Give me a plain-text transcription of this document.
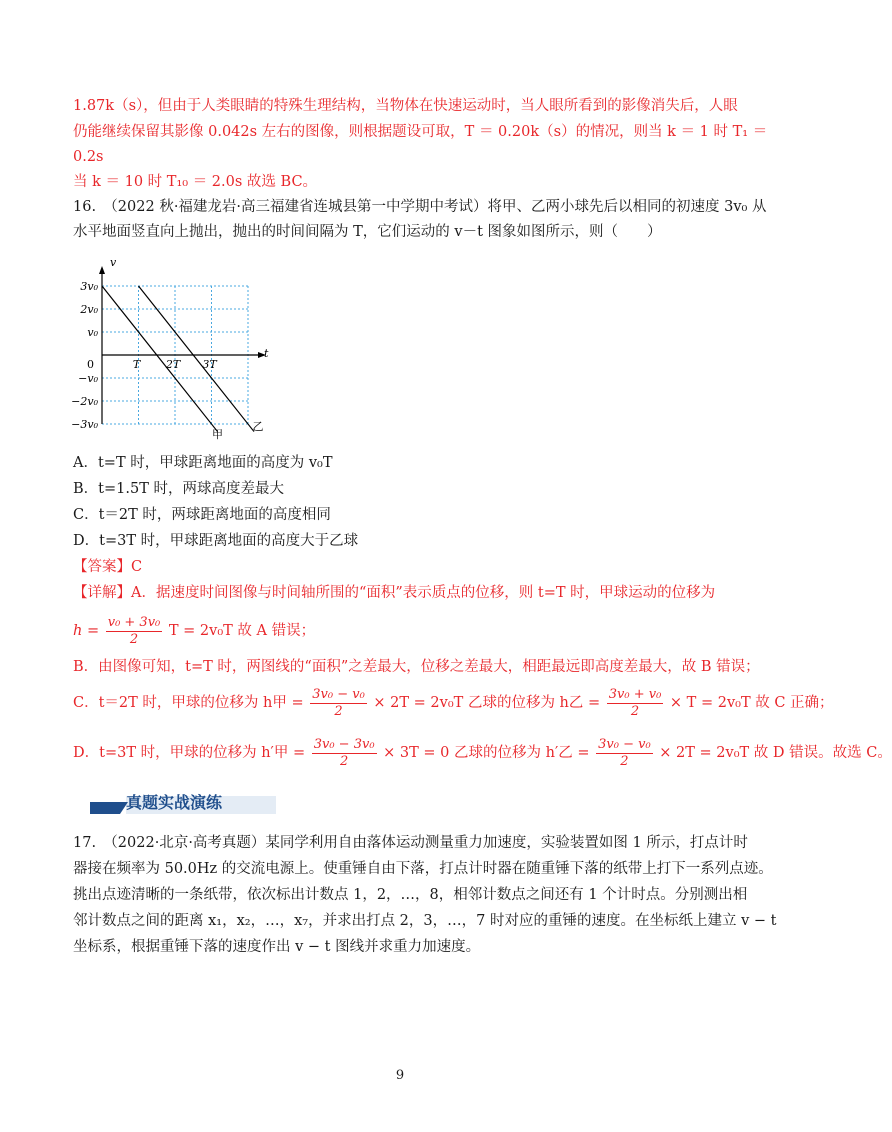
1.87k（s），但由于人类眼睛的特殊生理结构，当物体在快速运动时，当人眼所看到的影像消失后，人眼
仍能继续保留其影像 0.042s 左右的图像，则根据题设可取，T ＝ 0.20k（s）的情况，则当 k ＝ 1 时 T₁ ＝
0.2s
当 k ＝ 10 时 T₁₀ ＝ 2.0s 故选 BC。
16.　（2022 秋·福建龙岩·高三福建省连城县第一中学期中考试）将甲、乙两小球先后以相同的初速度 3v₀ 从
水平地面竖直向上抛出，抛出的时间间隔为 T，它们运动的 v－t 图象如图所示，则（　　）
v
t
3v₀
2v₀
v₀
0
−v₀
−2v₀
−3v₀
T 2T 3T
甲
乙
A．t=T 时，甲球距离地面的高度为 v₀T
B．t=1.5T 时，两球高度差最大
C．t＝2T 时，两球距离地面的高度相同
D．t=3T 时，甲球距离地面的高度大于乙球
【答案】C
【详解】A．据速度时间图像与时间轴所围的“面积”表示质点的位移，则 t=T 时，甲球运动的位移为
$h = \frac{\text{v₀ + 3v₀}}{2}$ T = 2v₀T 故 A 错误；
B．由图像可知，t=T 时，两图线的“面积”之差最大，位移之差最大，相距最远即高度差最大，故 B 错误；
C．t＝2T 时，甲球的位移为 h甲 = $\frac{\text{3v₀ − v₀}}{2} \times 2T = 2v_0T$ 乙球的位移为 h乙 = $\frac{\text{3v₀ + v₀}}{2} \times T = 2v_0T$ 故 C 正确；
D．t=3T 时，甲球的位移为 h′甲 = $\frac{\text{3v₀ − 3v₀}}{2} \times 3T = 0$ 乙球的位移为 h′乙 = $\frac{\text{3v₀ − v₀}}{2} \times 2T = 2v_0T$ 故 D 错误。故选 C。
真题实战演练
17.　（2022·北京·高考真题）某同学利用自由落体运动测量重力加速度，实验装置如图 1 所示，打点计时
器接在频率为 50.0Hz 的交流电源上。使重锤自由下落，打点计时器在随重锤下落的纸带上打下一系列点迹。
挑出点迹清晰的一条纸带，依次标出计数点 1，2，…，8，相邻计数点之间还有 1 个计时点。分别测出相
邻计数点之间的距离 x₁，x₂，…，x₇，并求出打点 2，3，…，7 时对应的重锤的速度。在坐标纸上建立 v − t
坐标系，根据重锤下落的速度作出 v − t 图线并求重力加速度。
9
